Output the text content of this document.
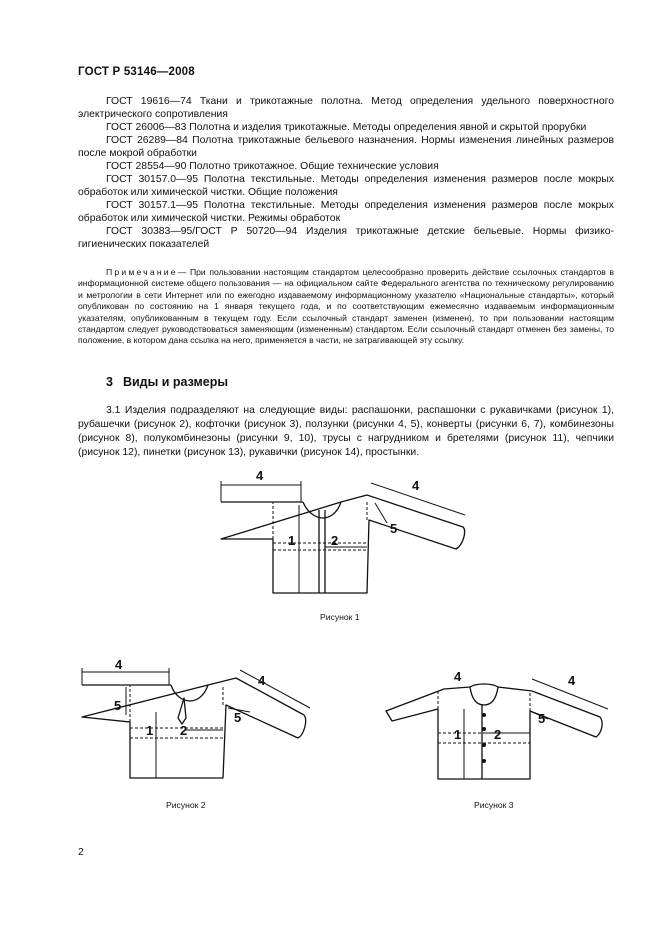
ГОСТ Р 53146—2008

ГОСТ 19616—74 Ткани и трикотажные полотна. Метод определения удельного поверхностного электрического сопротивления

ГОСТ 26006—83 Полотна и изделия трикотажные. Методы определения явной и скрытой прорубки

ГОСТ 26289—84 Полотна трикотажные бельевого назначения. Нормы изменения линейных размеров после мокрой обработки

ГОСТ 28554—90 Полотно трикотажное. Общие технические условия

ГОСТ 30157.0—95 Полотна текстильные. Методы определения изменения размеров после мокрых обработок или химической чистки. Общие положения

ГОСТ 30157.1—95 Полотна текстильные. Методы определения изменения размеров после мокрых обработок или химической чистки. Режимы обработок

ГОСТ 30383—95/ГОСТ Р 50720—94 Изделия трикотажные детские бельевые. Нормы физико-гигиенических показателей

Примечание— При пользовании настоящим стандартом целесообразно проверить действие ссылочных стандартов в информационной системе общего пользования — на официальном сайте Федерального агентства по техническому регулированию и метрологии в сети Интернет или по ежегодно издаваемому информационному указателю «Национальные стандарты», который опубликован по состоянию на 1 января текущего года, и по соответствующим ежемесячно издаваемым информационным указателям, опубликованным в текущем году. Если ссылочный стандарт заменен (изменен), то при пользовании настоящим стандартом следует руководствоваться заменяющим (измененным) стандартом. Если ссылочный стандарт отменен без замены, то положение, в котором дана ссылка на него, применяется в части, не затрагивающей эту ссылку.
3 Виды и размеры
3.1 Изделия подразделяют на следующие виды: распашонки, распашонки с рукавичками (рисунок 1), рубашечки (рисунок 2), кофточки (рисунок 3), ползунки (рисунки 4, 5), конверты (рисунки 6, 7), комбинезоны (рисунок 8), полукомбинезоны (рисунки 9, 10), трусы с нагрудником и бретелями (рисунок 11), чепчики (рисунок 12), пинетки (рисунок 13), рукавички (рисунок 14), простынки.
4
4
5
1	2
Рисунок 1
4
4
5
5
1 2
Рисунок 2
4	4
5
1	2
Рисунок 3
2
